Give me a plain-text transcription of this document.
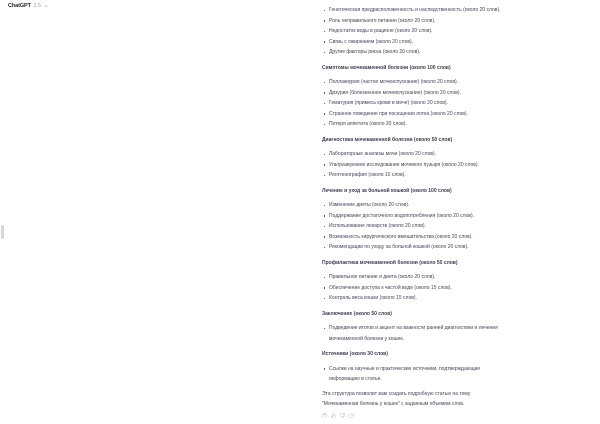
ChatGPT 3.5
Генетическая предрасположенность и наследственность (около 20 слов).
Роль неправильного питания (около 20 слов).
Недостаток воды в рационе (около 20 слов).
Связь с ожирением (около 20 слов).
Другие факторы риска (около 20 слов).
Симптомы мочекаменной болезни (около 100 слов)
Поллакиурия (частое мочеиспускание) (около 20 слов).
Дизурия (болезненное мочеиспускание) (около 20 слов).
Гематурия (примесь крови в моче) (около 20 слов).
Странное поведение при посещении лотка (около 20 слов).
Потеря аппетита (около 20 слов).
Диагностика мочекаменной болезни (около 50 слов)
Лабораторные анализы мочи (около 20 слов).
Ультразвуковое исследование мочевого пузыря (около 20 слов).
Рентгенография (около 10 слов).
Лечение и уход за больной кошкой (около 100 слов)
Изменение диеты (около 20 слов).
Поддержание достаточного водопотребления (около 20 слов).
Использование лекарств (около 20 слов).
Возможность хирургического вмешательства (около 20 слов).
Рекомендации по уходу за больной кошкой (около 20 слов).
Профилактика мочекаменной болезни (около 50 слов)
Правильное питание и диета (около 20 слов).
Обеспечение доступа к чистой воде (около 15 слов).
Контроль веса кошки (около 15 слов).
Заключение (около 50 слов)
Подведение итогов и акцент на важности ранней диагностики и лечения мочекаменной болезни у кошек.
Источники (около 30 слов)
Ссылки на научные и практические источники, подтверждающие информацию в статье.

Эта структура позволит вам создать подробную статью на тему "Мочекаменная болезнь у кошек" с заданным объемом слов.
